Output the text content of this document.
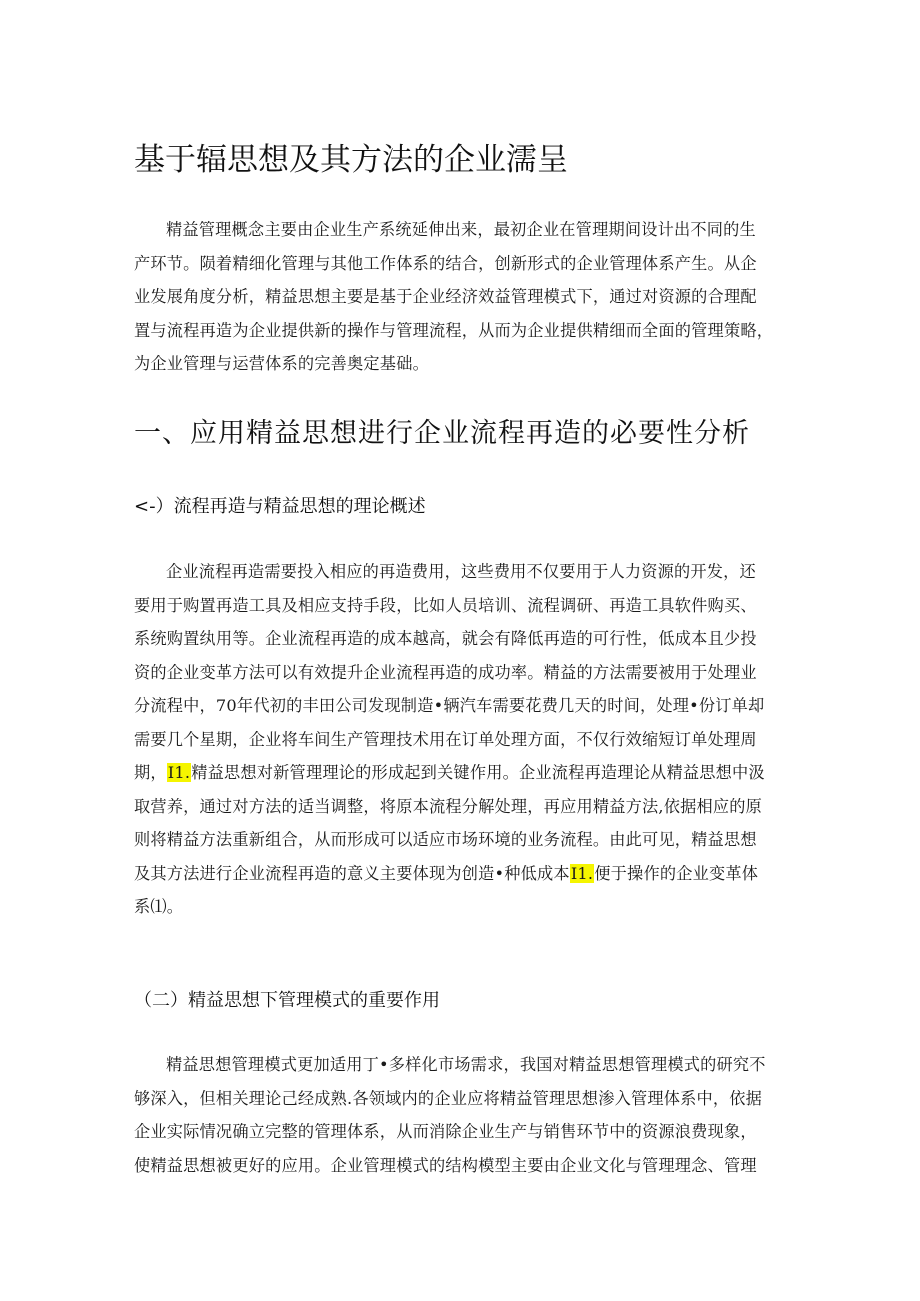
基于辐思想及其方法的企业濡呈
精益管理概念主要由企业生产系统延伸出来，最初企业在管理期间设计出不同的生
产环节。陨着精细化管理与其他工作体系的结合，创新形式的企业管理体系产生。从企
业发展角度分析，精益思想主要是基于企业经济效益管理模式下，通过对资源的合理配
置与流程再造为企业提供新的操作与管理流程，从而为企业提供精细而全面的管理策略，
为企业管理与运营体系的完善奥定基础。
一、应用精益思想进行企业流程再造的必要性分析
<-）流程再造与精益思想的理论概述
企业流程再造需要投入相应的再造费用，这些费用不仅要用于人力资源的开发，还
要用于购置再造工具及相应支持手段，比如人员培训、流程调研、再造工具软件购买、
系统购置纨用等。企业流程再造的成本越高，就会有降低再造的可行性，低成本且少投
资的企业变革方法可以有效提升企业流程再造的成功率。精益的方法需要被用于处理业
分流程中，70年代初的丰田公司发现制造•辆汽车需要花费几天的时间，处理•份订单却
需要几个星期，企业将车间生产管理技术用在订单处理方面，不仅行效缩短订单处理周
期，I1.精益思想对新管理理论的形成起到关键作用。企业流程再造理论从精益思想中汲
取营养，通过对方法的适当调整，将原本流程分解处理，再应用精益方法,依据相应的原
则将精益方法重新组合，从而形成可以适应市场环境的业务流程。由此可见，精益思想
及其方法进行企业流程再造的意义主要体现为创造•种低成本I1.便于操作的企业变革体
系⑴。
（二）精益思想下管理模式的重要作用
精益思想管理模式更加适用丁•多样化市场需求，我国对精益思想管理模式的研究不
够深入，但相关理论己经成熟.各领域内的企业应将精益管理思想渗入管理体系中，依据
企业实际情况确立完整的管理体系，从而消除企业生产与销售环节中的资源浪费现象，
使精益思想被更好的应用。企业管理模式的结构模型主要由企业文化与管理理念、管理
